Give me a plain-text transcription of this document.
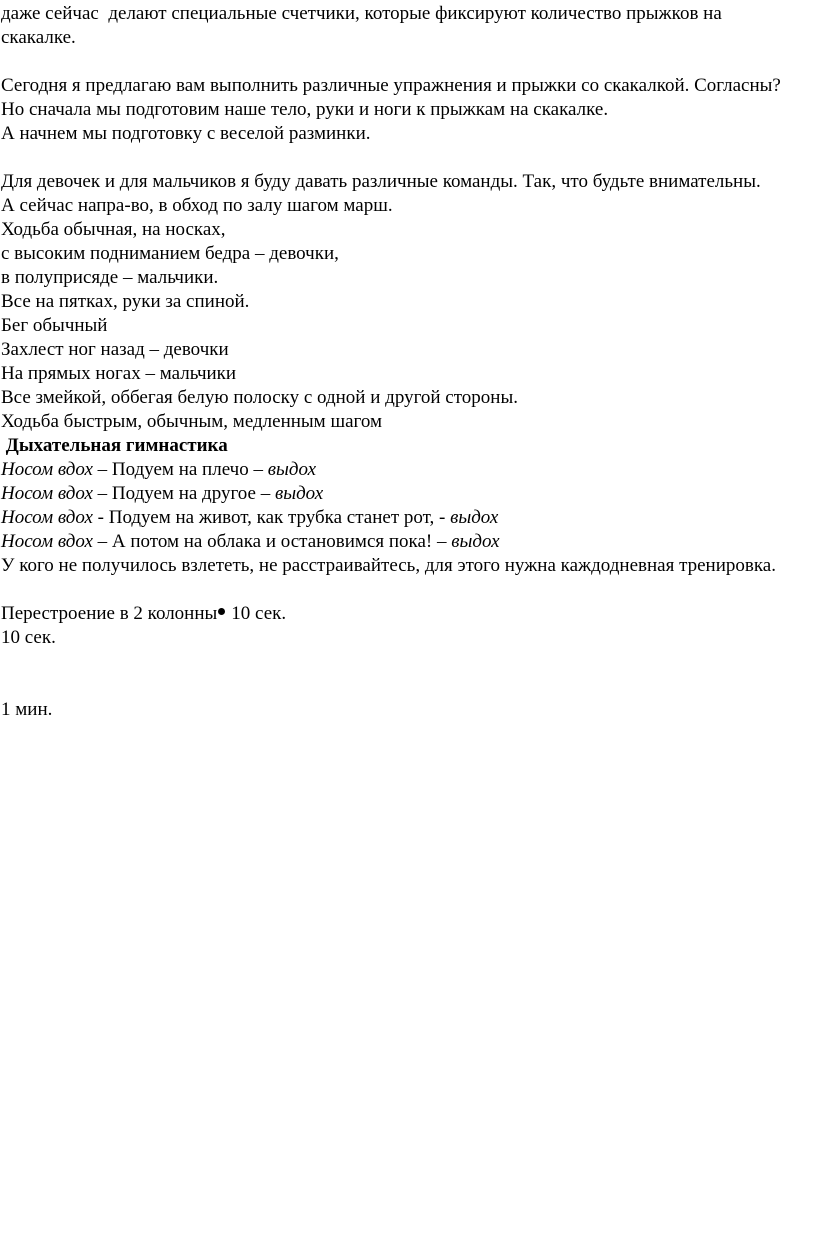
даже сейчас  делают специальные счетчики, которые фиксируют количество прыжков на скакалке.
Сегодня я предлагаю вам выполнить различные упражнения и прыжки со скакалкой. Согласны?
Но сначала мы подготовим наше тело, руки и ноги к прыжкам на скакалке.
А начнем мы подготовку с веселой разминки.
Для девочек и для мальчиков я буду давать различные команды. Так, что будьте внимательны.
А сейчас напра-во, в обход по залу шагом марш.
Ходьба обычная, на носках,
с высоким подниманием бедра – девочки,
в полуприсяде – мальчики.
Все на пятках, руки за спиной.
Бег обычный
Захлест ног назад – девочки
На прямых ногах – мальчики
Все змейкой, оббегая белую полоску с одной и другой стороны.
Ходьба быстрым, обычным, медленным шагом
Дыхательная гимнастика
Носом вдох – Подуем на плечо – выдох
Носом вдох – Подуем на другое – выдох
Носом вдох - Подуем на живот, как трубка станет рот, - выдох
Носом вдох – А потом на облака и остановимся пока! – выдох
У кого не получилось взлететь, не расстраивайтесь, для этого нужна каждодневная тренировка.
Перестроение в 2 колонны 10 сек.
10 сек.
1 мин.
